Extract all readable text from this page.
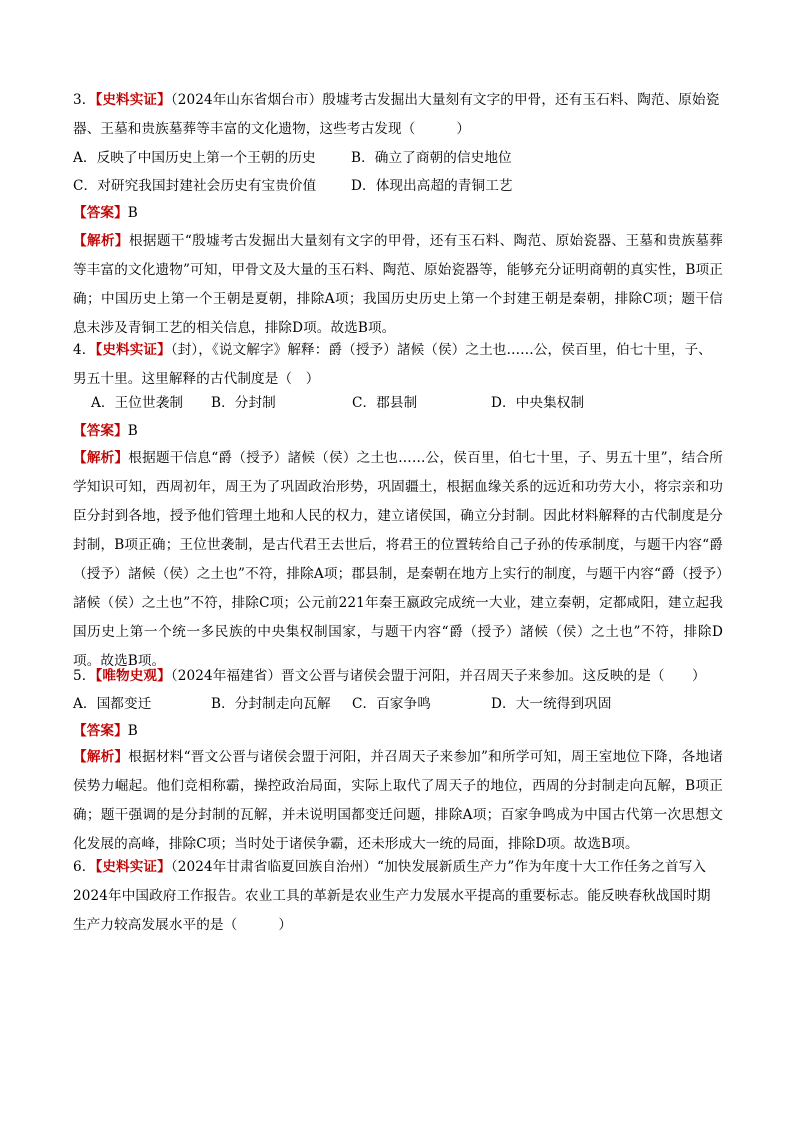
3．【史料实证】（2024年山东省烟台市）殷墟考古发掘出大量刻有文字的甲骨，还有玉石料、陶范、原始瓷器、王墓和贵族墓葬等丰富的文化遗物，这些考古发现（　　　）
A．反映了中国历史上第一个王朝的历史	B．确立了商朝的信史地位
C．对研究我国封建社会历史有宝贵价值	D．体现出高超的青铜工艺
【答案】B
【解析】根据题干“殷墟考古发掘出大量刻有文字的甲骨，还有玉石料、陶范、原始瓷器、王墓和贵族墓葬等丰富的文化遗物”可知，甲骨文及大量的玉石料、陶范、原始瓷器等，能够充分证明商朝的真实性，B项正确；中国历史上第一个王朝是夏朝，排除A项；我国历史历史上第一个封建王朝是秦朝，排除C项；题干信息未涉及青铜工艺的相关信息，排除D项。故选B项。
4．【史料实证】（封），《说文解字》解释：爵（授予）諸候（侯）之土也……公，侯百里，伯七十里，子、男五十里。这里解释的古代制度是（　）
A．王位世袭制 B．分封制	C．郡县制	D．中央集权制
【答案】B
【解析】根据题干信息“爵（授予）諸候（侯）之土也……公，侯百里，伯七十里，子、男五十里”，结合所学知识可知，西周初年，周王为了巩固政治形势，巩固疆土，根据血缘关系的远近和功劳大小，将宗亲和功臣分封到各地，授予他们管理土地和人民的权力，建立诸侯国，确立分封制。因此材料解释的古代制度是分封制，B项正确；王位世袭制，是古代君王去世后，将君王的位置转给自己子孙的传承制度，与题干内容“爵（授予）諸候（侯）之土也”不符，排除A项；郡县制，是秦朝在地方上实行的制度，与题干内容“爵（授予）諸候（侯）之土也”不符，排除C项；公元前221年秦王嬴政完成统一大业，建立秦朝，定都咸阳，建立起我国历史上第一个统一多民族的中央集权制国家，与题干内容“爵（授予）諸候（侯）之土也”不符，排除D项。故选B项。
5．【唯物史观】（2024年福建省）晋文公晋与诸侯会盟于河阳，并召周天子来参加。这反映的是（　　）
A．国都变迁	B．分封制走向瓦解 C．百家争鸣	D．大一统得到巩固
【答案】B
【解析】根据材料“晋文公晋与诸侯会盟于河阳，并召周天子来参加”和所学可知，周王室地位下降，各地诸侯势力崛起。他们竞相称霸，操控政治局面，实际上取代了周天子的地位，西周的分封制走向瓦解，B项正确；题干强调的是分封制的瓦解，并未说明国都变迁问题，排除A项；百家争鸣成为中国古代第一次思想文化发展的高峰，排除C项；当时处于诸侯争霸，还未形成大一统的局面，排除D项。故选B项。
6．【史料实证】（2024年甘肃省临夏回族自治州）“加快发展新质生产力”作为年度十大工作任务之首写入2024年中国政府工作报告。农业工具的革新是农业生产力发展水平提高的重要标志。能反映春秋战国时期生产力较高发展水平的是（　　　）
